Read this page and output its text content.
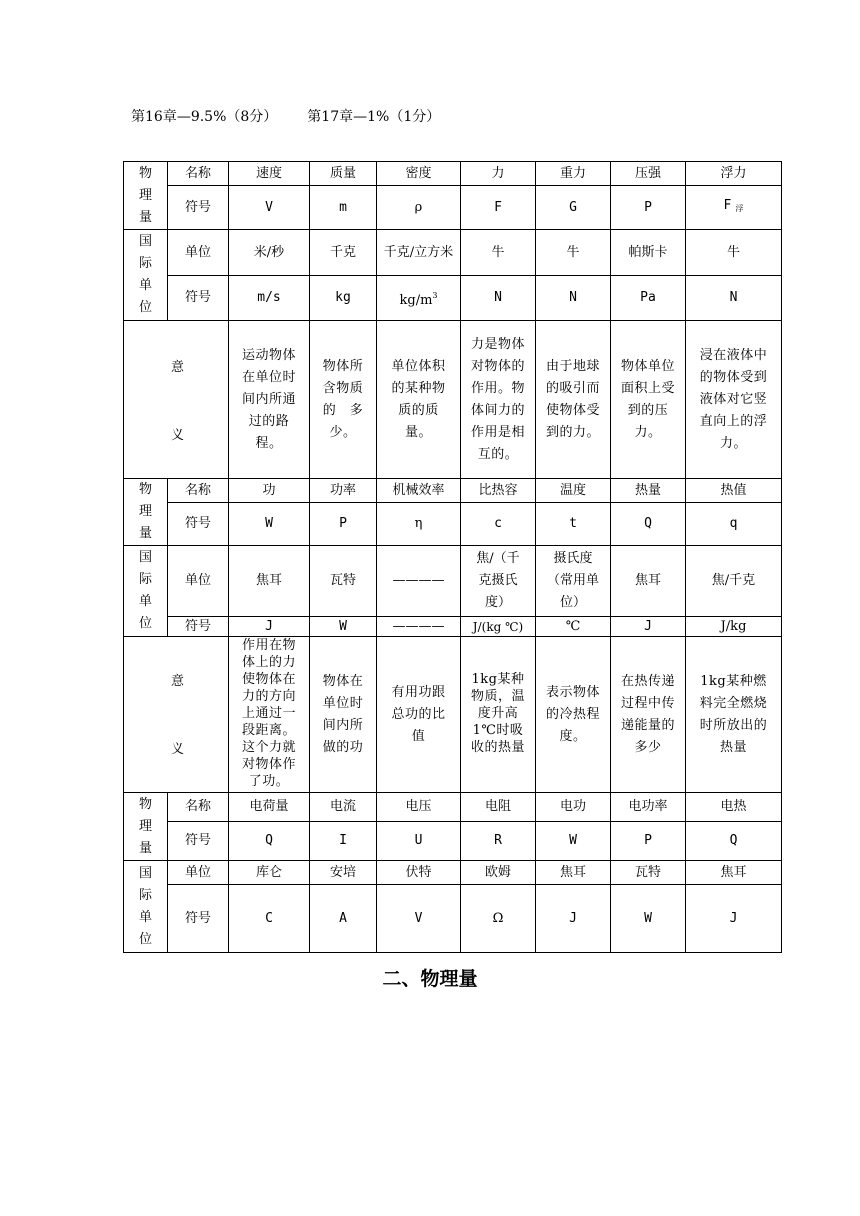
第16章—9.5%（8分） 第17章—1%（1分）
物
理
量	名称	速度	质量	密度	力	重力	压强	浮力
	符号	V	m	ρ	F	G	P	F $_浮$

国
际
单
位	单位	米/秒	千克	千克/立方米	牛	牛	帕斯卡	牛
	符号	m/s	kg	$kg/m^3$	N	N	Pa	N

意
义		运动物体在单位时间内所通过的路程。	物体所含物质的　多少。	单位体积的某种物质的质量。	力是物体对物体的作用。物体间力的作用是相互的。	由于地球的吸引而使物体受到的力。	物体单位面积上受到的压力。	浸在液体中的物体受到液体对它竖直向上的浮力。

物
理
量	名称	功	功率	机械效率	比热容	温度	热量	热值
	符号	W	P	η	c	t	Q	q

国
际
单
位	单位	焦耳	瓦特	————	焦/（千克摄氏度）	摄氏度（常用单位）	焦耳	焦/千克
	符号	J	W	————	J/(kg ℃)	℃	J	J/kg

意
义		作用在物体上的力使物体在力的方向上通过一段距离。这个力就对物体作了功。	物体在单位时间内所做的功	有用功跟总功的比值	1kg某种物质，温度升高1℃时吸收的热量	表示物体的冷热程度。	在热传递过程中传递能量的多少	1kg某种燃料完全燃烧时所放出的热量

物
理
量	名称	电荷量	电流	电压	电阻	电功	电功率	电热
	符号	Q	I	U	R	W	P	Q

国
际
单
位	单位	库仑	安培	伏特	欧姆	焦耳	瓦特	焦耳
	符号	C	A	V	Ω	J	W	J
二、物理量
